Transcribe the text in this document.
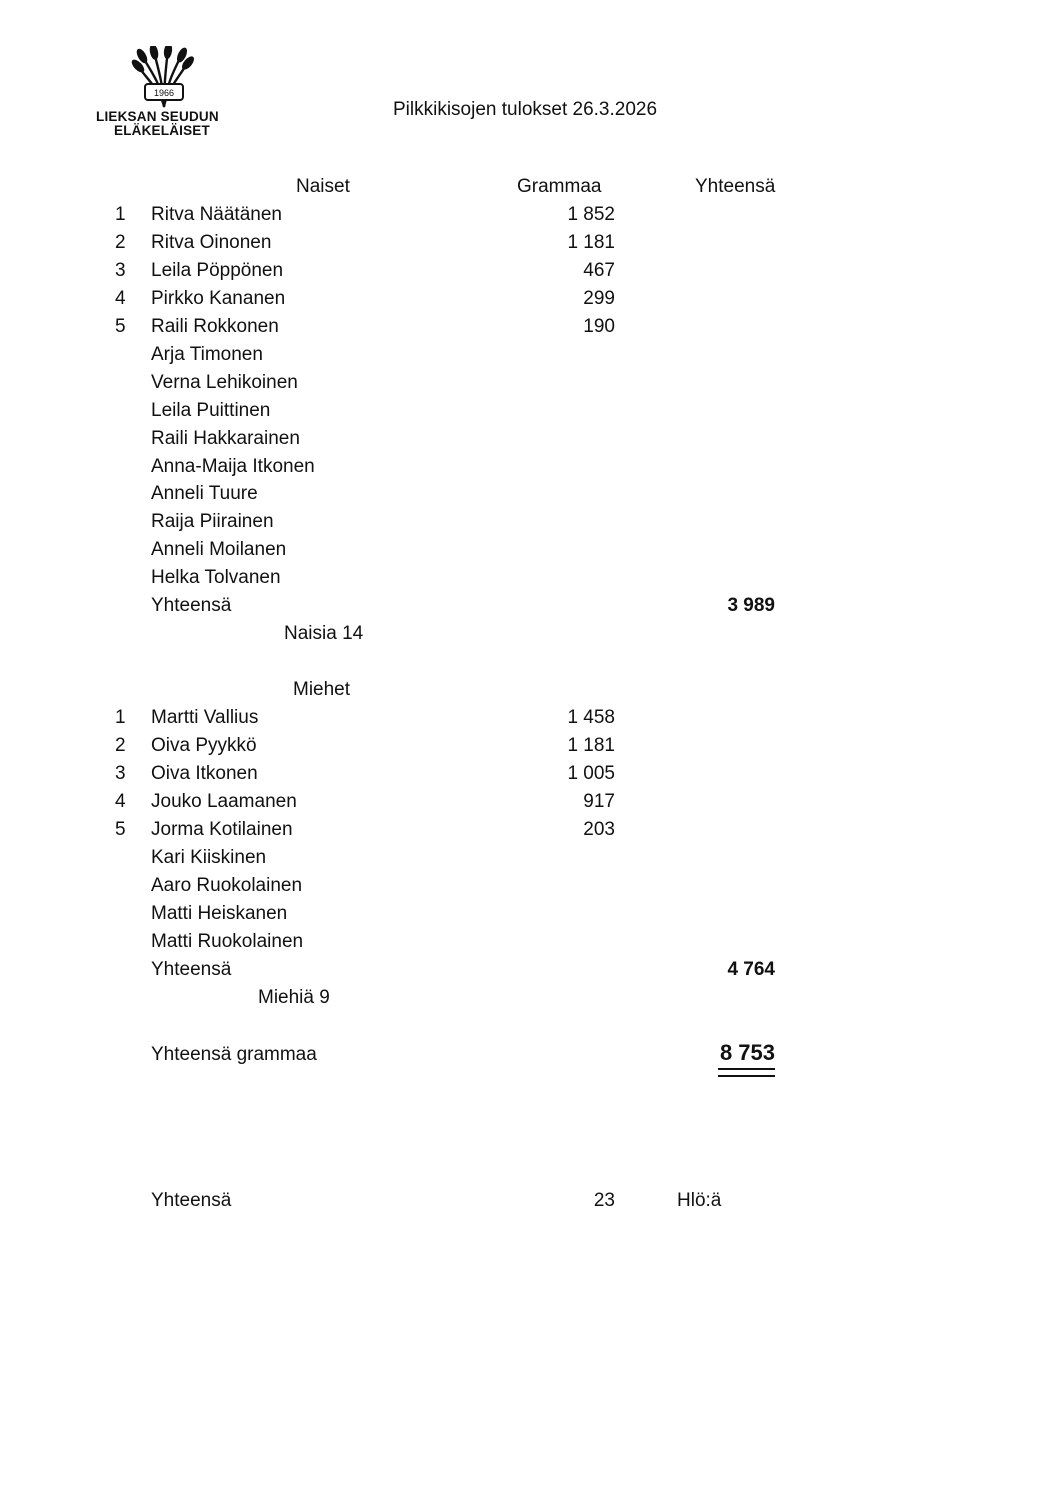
1966
LIEKSAN SEUDUN
ELÄKELÄISET
Pilkkikisojen tulokset 26.3.2026
Naiset	Grammaa	Yhteensä
1 Ritva Näätänen	1 852
2 Ritva Oinonen	1 181
3 Leila Pöppönen	467
4 Pirkko Kananen	299
5 Raili Rokkonen	190
Arja Timonen
Verna Lehikoinen
Leila Puittinen
Raili Hakkarainen
Anna-Maija Itkonen
Anneli Tuure
Raija Piirainen
Anneli Moilanen
Helka Tolvanen
Yhteensä	3 989
Naisia 14
Miehet
1 Martti Vallius	1 458
2 Oiva Pyykkö	1 181
3 Oiva Itkonen	1 005
4 Jouko Laamanen	917
5 Jorma Kotilainen	203
Kari Kiiskinen
Aaro Ruokolainen
Matti Heiskanen
Matti Ruokolainen
Yhteensä	4 764
Miehiä 9
Yhteensä grammaa	8 753
Yhteensä	23	Hlö:ä
